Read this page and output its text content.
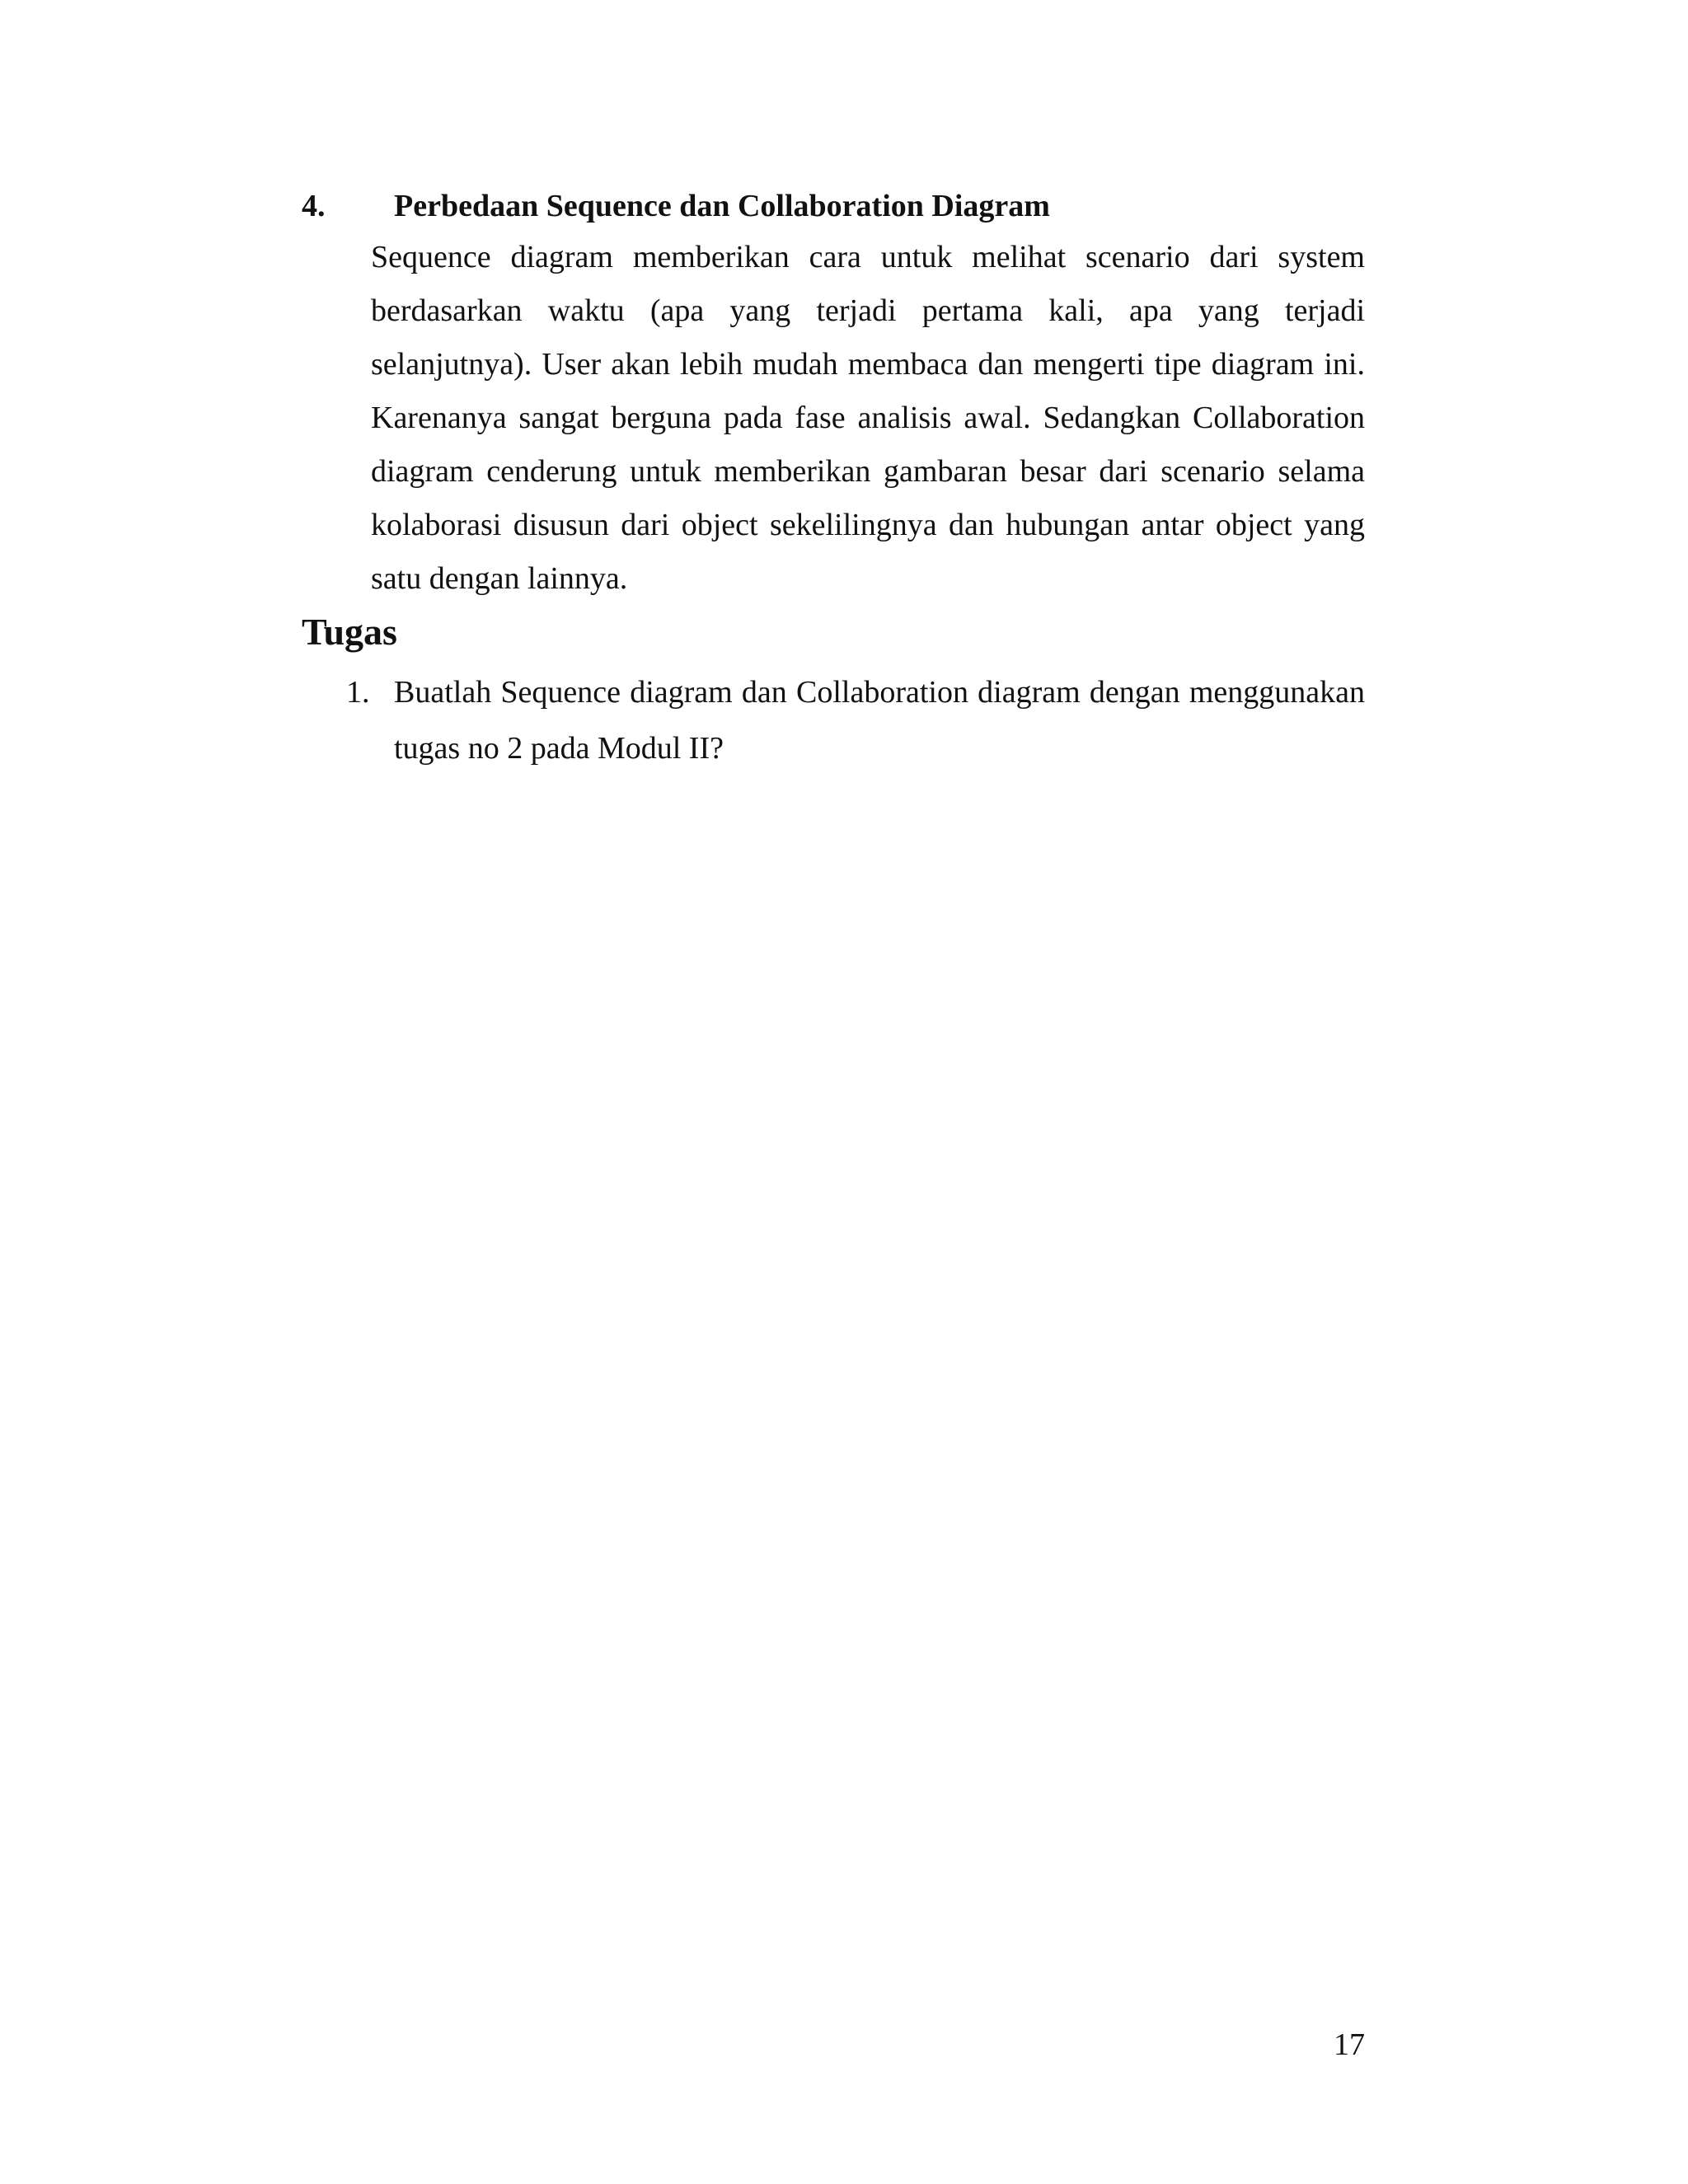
4. Perbedaan Sequence dan Collaboration Diagram

Sequence diagram memberikan cara untuk melihat scenario dari system berdasarkan waktu (apa yang terjadi pertama kali, apa yang terjadi selanjutnya). User akan lebih mudah membaca dan mengerti tipe diagram ini. Karenanya sangat berguna pada fase analisis awal. Sedangkan Collaboration diagram cenderung untuk memberikan gambaran besar dari scenario selama kolaborasi disusun dari object sekelilingnya dan hubungan antar object yang satu dengan lainnya.

Tugas
1. Buatlah Sequence diagram dan Collaboration diagram dengan menggunakan tugas no 2 pada Modul II?
17
